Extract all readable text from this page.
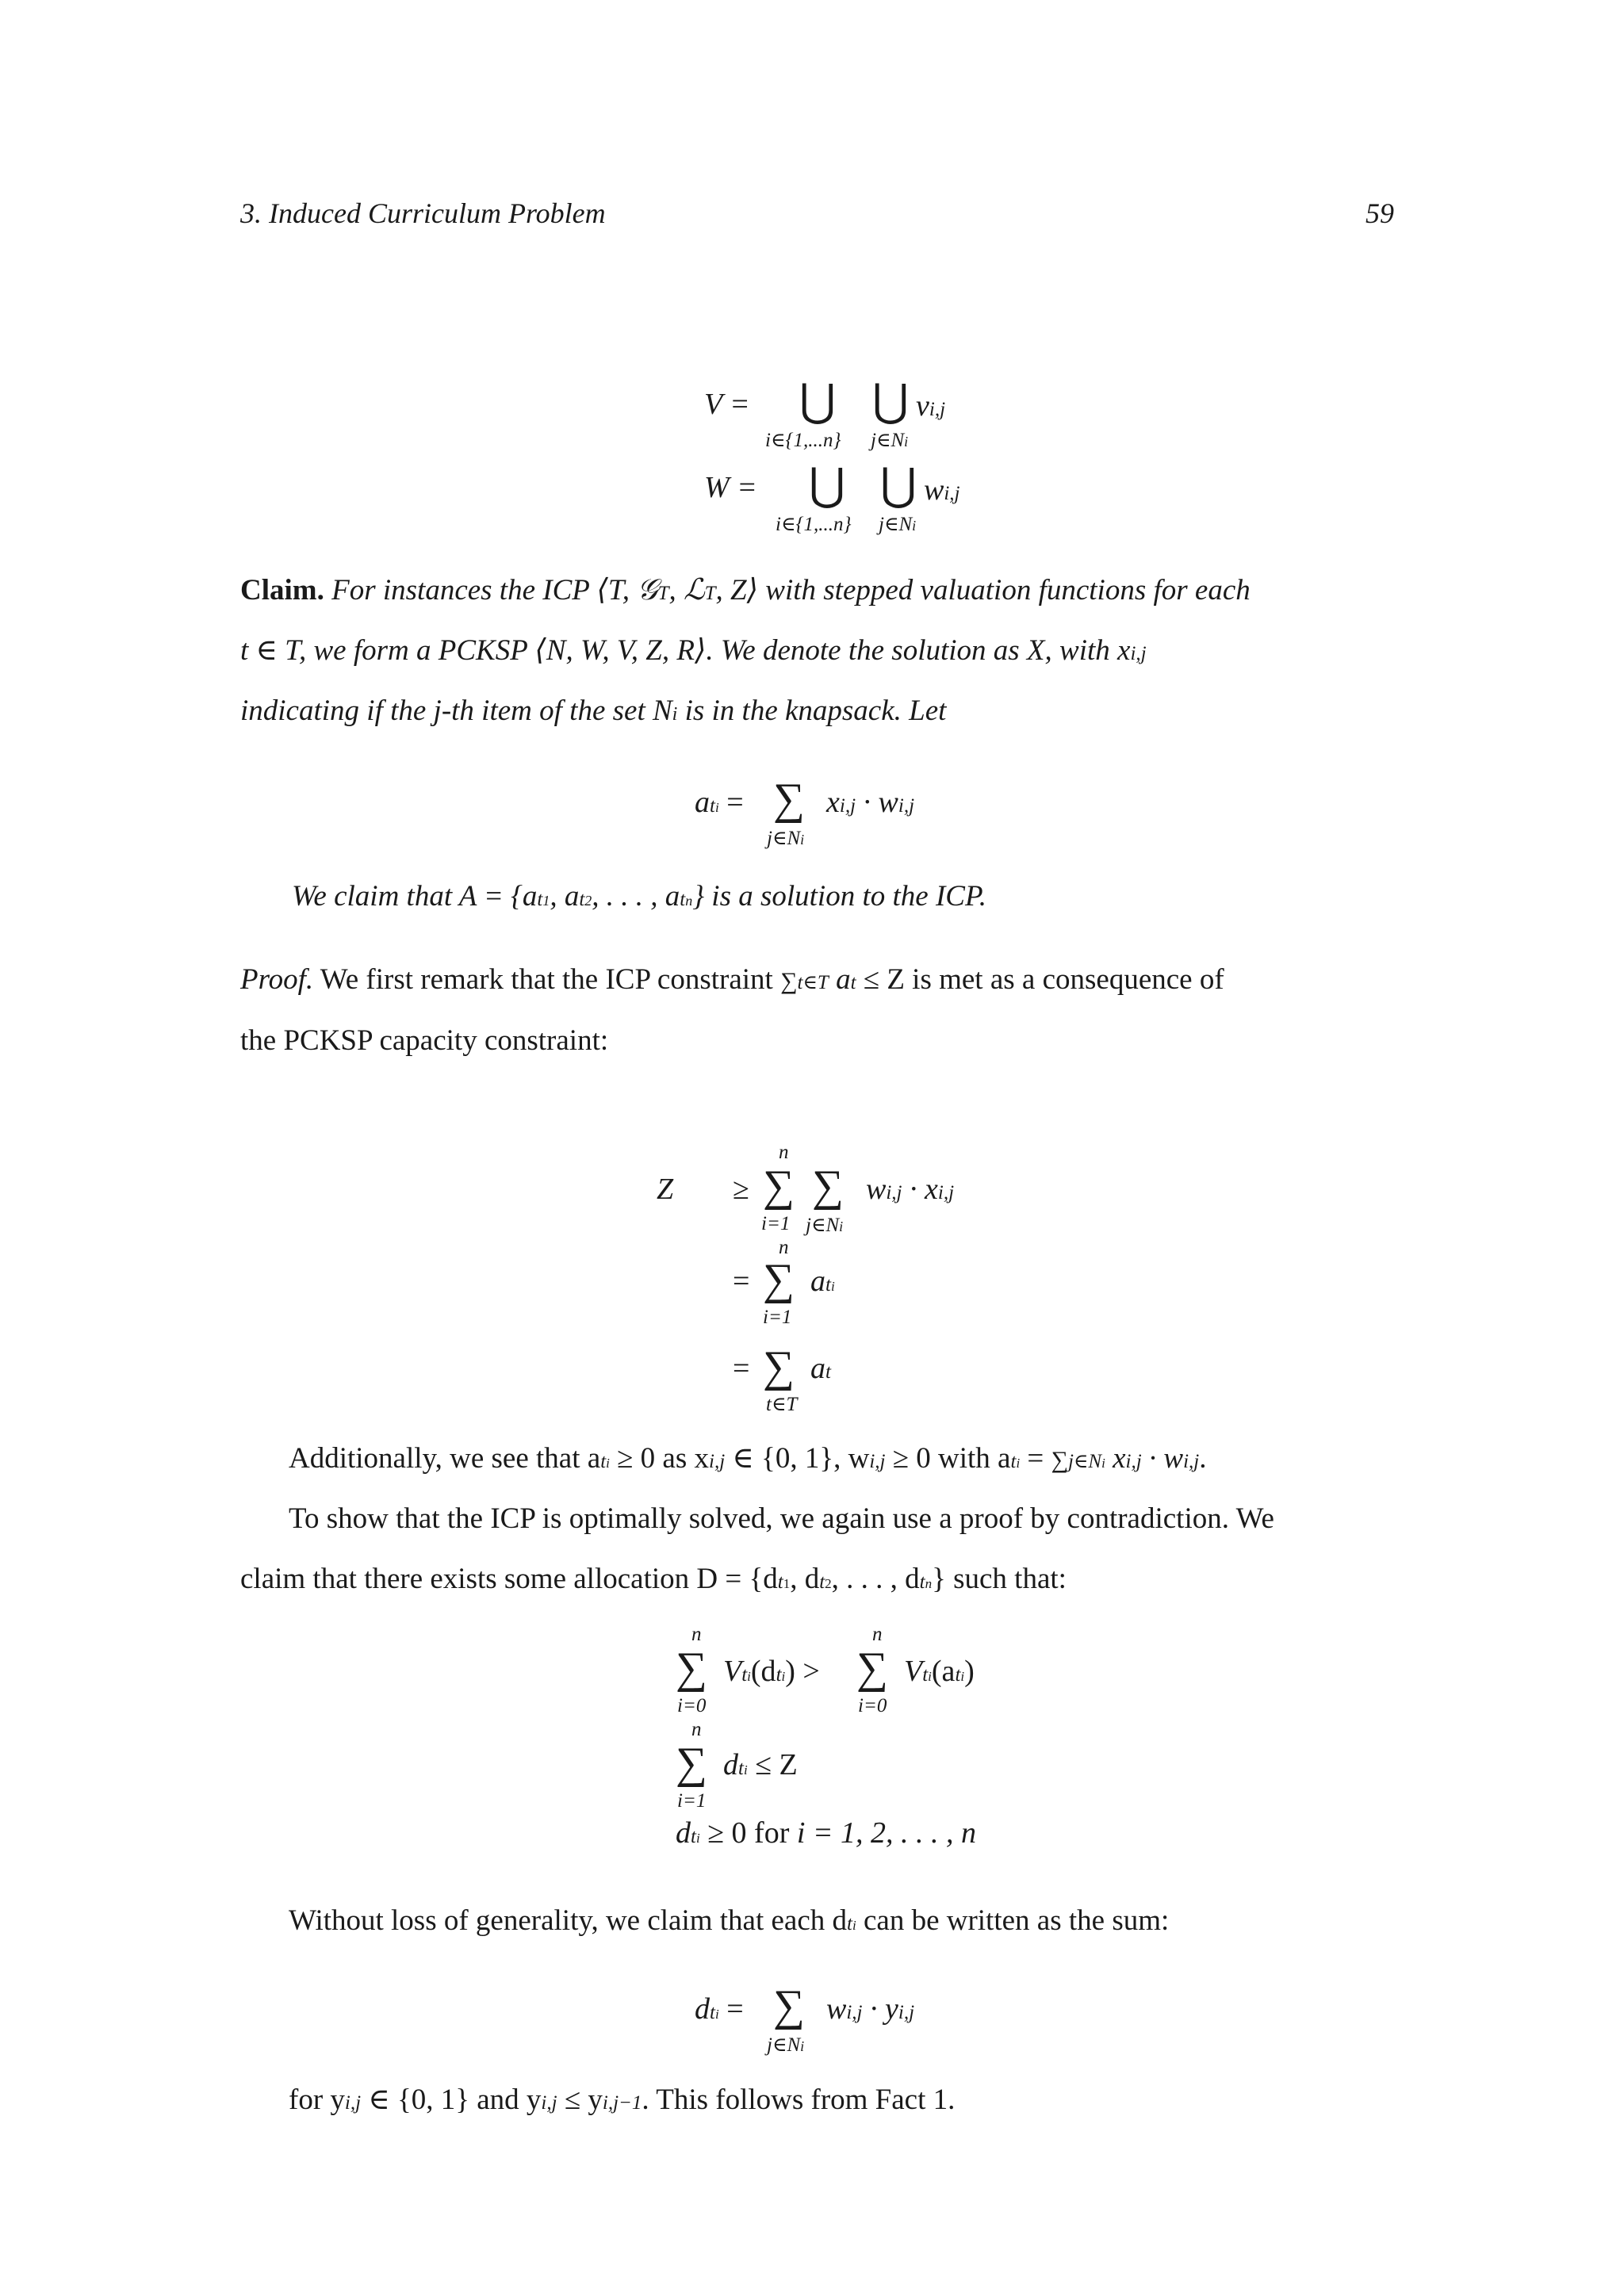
3. Induced Curriculum Problem	59
V = ⋃ ⋃ vi,j
i∈{1,...n} j∈Ni
W = ⋃ ⋃ wi,j
i∈{1,...n} j∈Ni
Claim. For instances the ICP ⟨T, 𝒢T, ℒT, Z⟩ with stepped valuation functions for each
t ∈ T, we form a PCKSP ⟨N, W, V, Z, R⟩. We denote the solution as X, with xi,j
indicating if the j-th item of the set Ni is in the knapsack. Let
ati = ∑ xi,j · wi,j
j∈Ni
We claim that A = {at1, at2, . . . , atn} is a solution to the ICP.
Proof. We first remark that the ICP constraint ∑t∈T at ≤ Z is met as a consequence of
the PCKSP capacity constraint:
Z ≥
n
∑ ∑ wi,j · xi,j
i=1 j∈Ni
=
n
∑ ati
i=1
= ∑ at
t∈T
Additionally, we see that ati ≥ 0 as xi,j ∈ {0, 1}, wi,j ≥ 0 with ati = ∑j∈Ni xi,j · wi,j.
To show that the ICP is optimally solved, we again use a proof by contradiction. We
claim that there exists some allocation D = {dt1, dt2, . . . , dtn} such that:
n
∑ Vti(dti) >
n
∑ Vti(ati)
i=0	i=0
n
∑ dti ≤ Z
i=1
dti ≥ 0 for i = 1, 2, . . . , n
Without loss of generality, we claim that each dti can be written as the sum:
dti = ∑ wi,j · yi,j
j∈Ni
for yi,j ∈ {0, 1} and yi,j ≤ yi,j−1. This follows from Fact 1.
